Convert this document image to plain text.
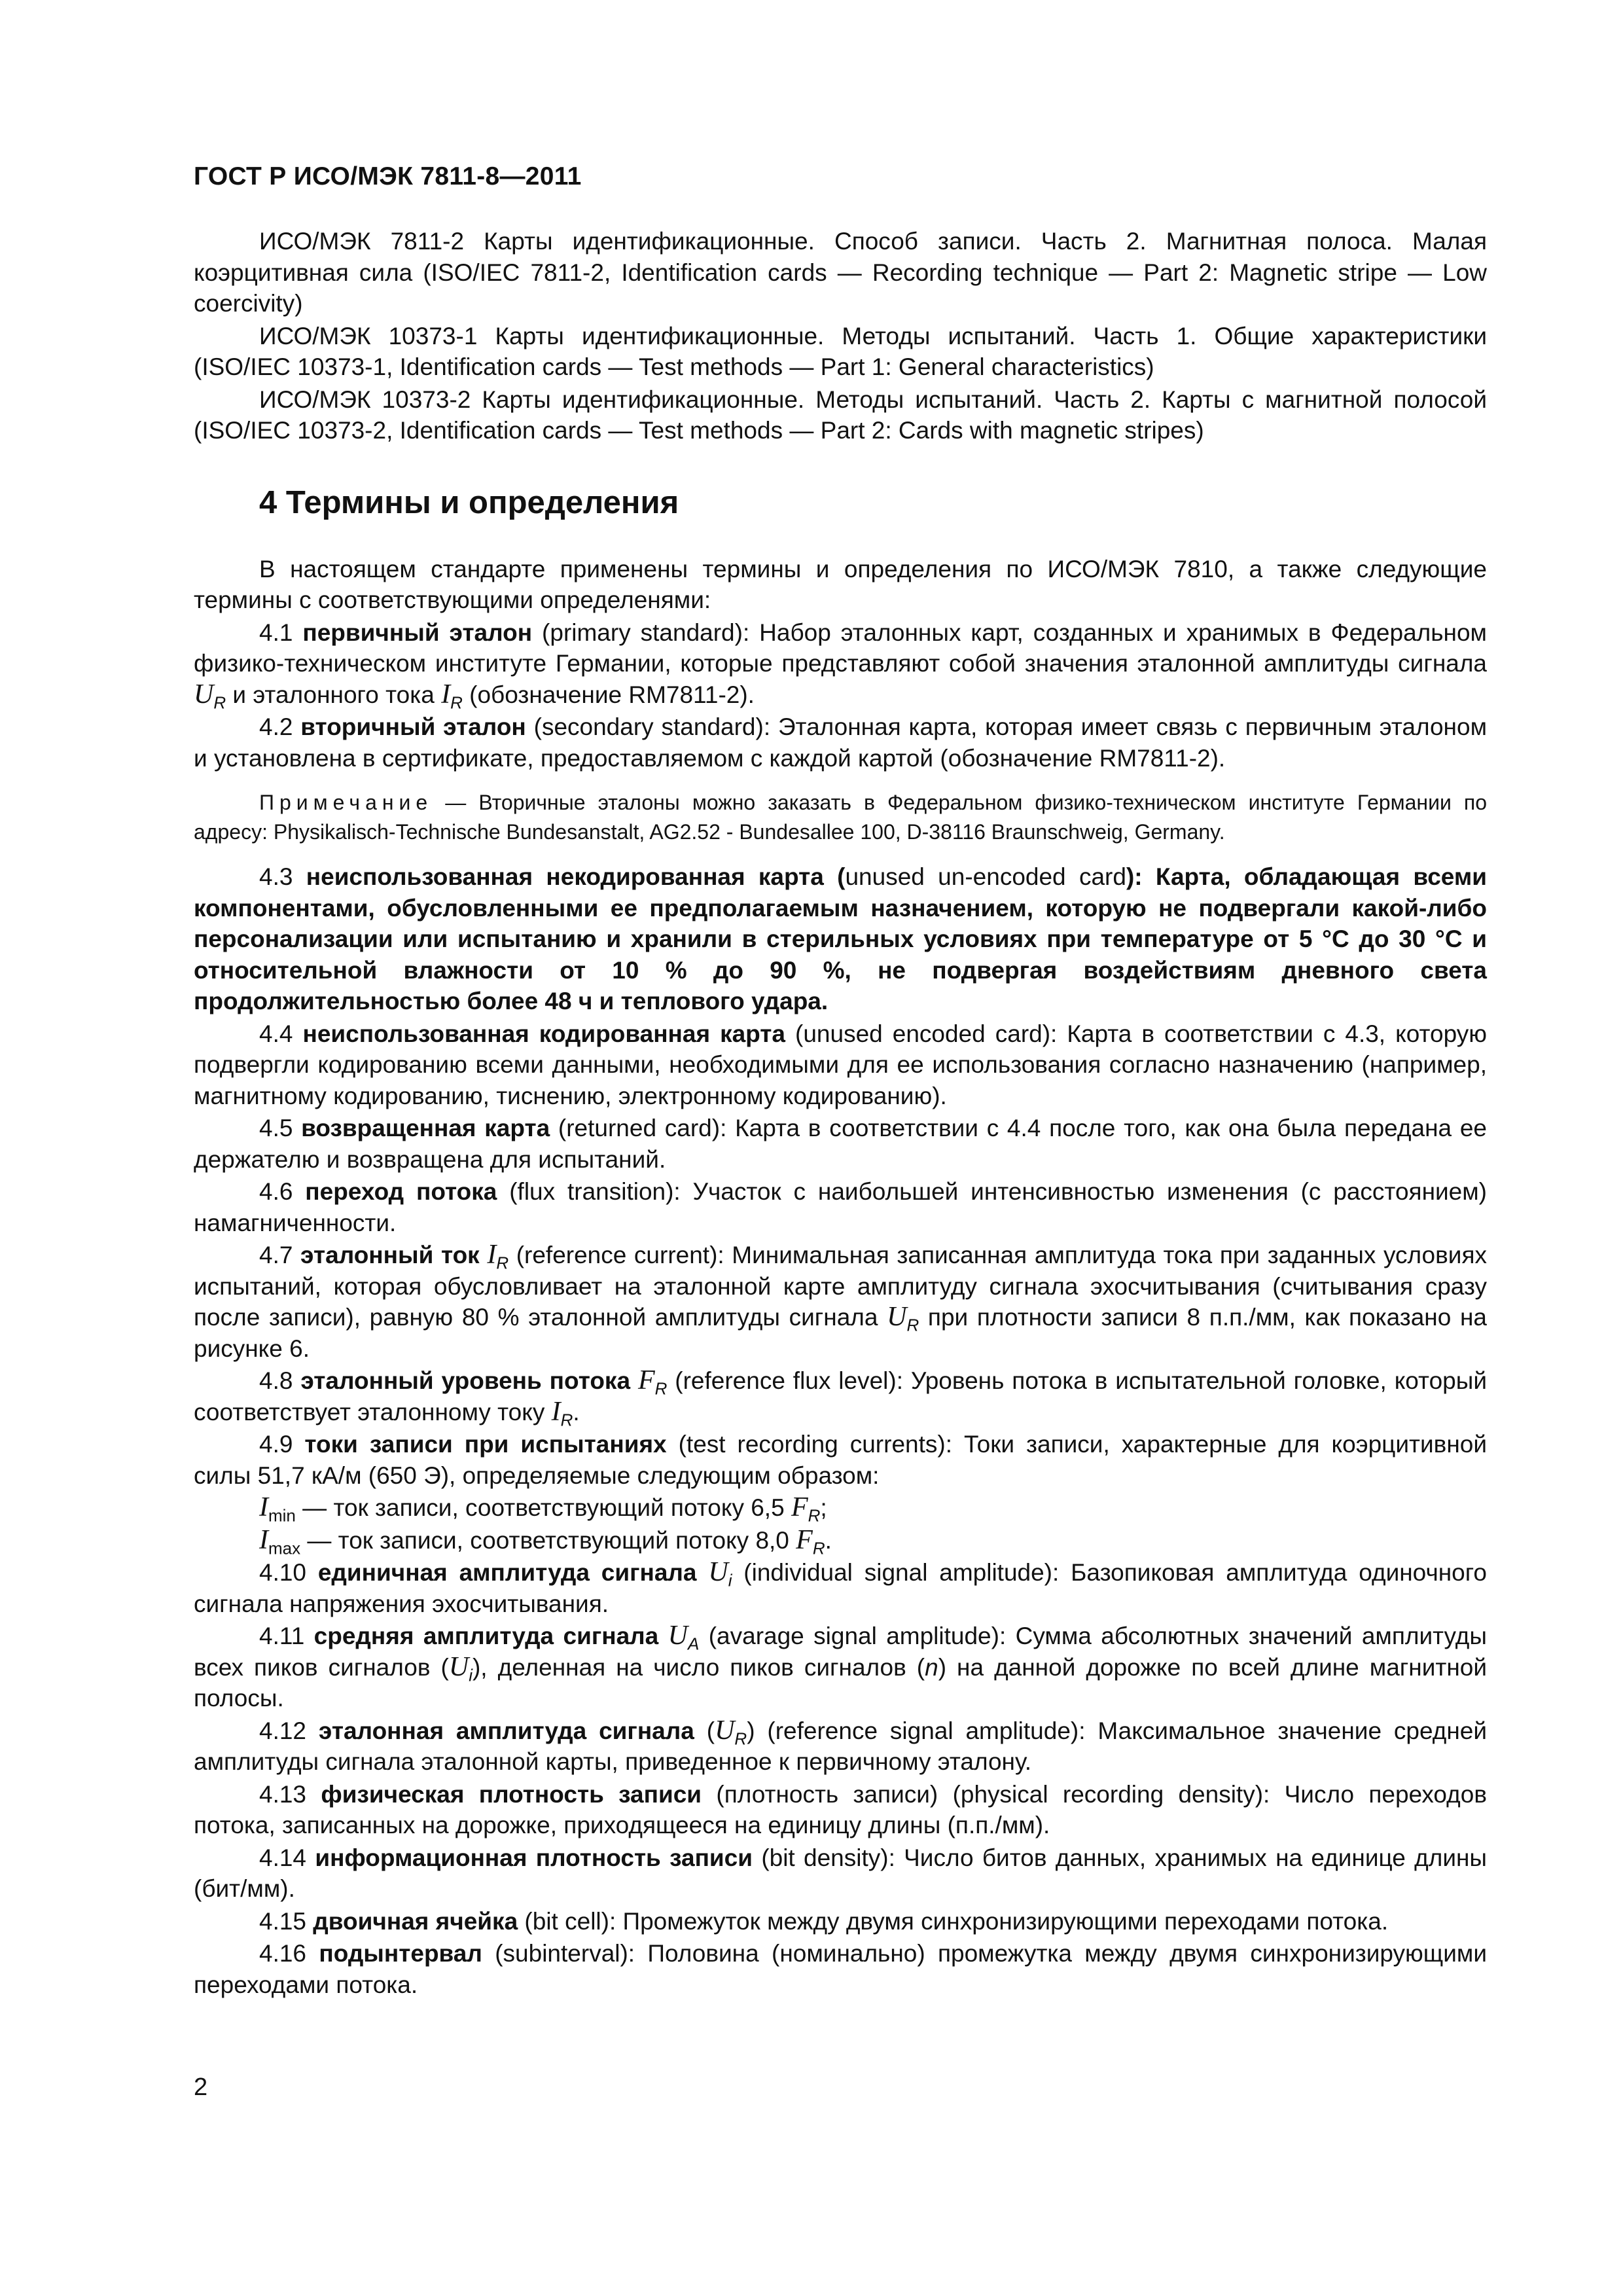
ГОСТ Р ИСО/МЭК 7811-8—2011

ИСО/МЭК 7811-2 Карты идентификационные. Способ записи. Часть 2. Магнитная полоса. Малая коэрцитивная сила (ISO/IEC 7811-2, Identification cards — Recording technique — Part 2: Magnetic stripe — Low coercivity)

ИСО/МЭК 10373-1 Карты идентификационные. Методы испытаний. Часть 1. Общие характеристики (ISO/IEC 10373-1, Identification cards — Test methods — Part 1: General characteristics)

ИСО/МЭК 10373-2 Карты идентификационные. Методы испытаний. Часть 2. Карты с магнитной полосой (ISO/IEC 10373-2, Identification cards — Test methods — Part 2: Cards with magnetic stripes)

4 Термины и определения

В настоящем стандарте применены термины и определения по ИСО/МЭК 7810, а также следующие термины с соответствующими определенями:

4.1 первичный эталон (primary standard): Набор эталонных карт, созданных и хранимых в Федеральном физико-техническом институте Германии, которые представляют собой значения эталонной амплитуды сигнала $U_R$ и эталонного тока $I_R$ (обозначение RM7811-2).

4.2 вторичный эталон (secondary standard): Эталонная карта, которая имеет связь с первичным эталоном и установлена в сертификате, предоставляемом с каждой картой (обозначение RM7811-2).

Примечание — Вторичные эталоны можно заказать в Федеральном физико-техническом институте Германии по адресу: Physikalisch-Technische Bundesanstalt, AG2.52 - Bundesallee 100, D-38116 Braunschweig, Germany.

4.3 неиспользованная некодированная карта (unused un-encoded card): Карта, обладающая всеми компонентами, обусловленными ее предполагаемым назначением, которую не подвергали какой-либо персонализации или испытанию и хранили в стерильных условиях при температуре от 5 °С до 30 °С и относительной влажности от 10 % до 90 %, не подвергая воздействиям дневного света продолжительностью более 48 ч и теплового удара.

4.4 неиспользованная кодированная карта (unused encoded card): Карта в соответствии с 4.3, которую подвергли кодированию всеми данными, необходимыми для ее использования согласно назначению (например, магнитному кодированию, тиснению, электронному кодированию).

4.5 возвращенная карта (returned card): Карта в соответствии с 4.4 после того, как она была передана ее держателю и возвращена для испытаний.

4.6 переход потока (flux transition): Участок с наибольшей интенсивностью изменения (с расстоянием) намагниченности.

4.7 эталонный ток $I_R$ (reference current): Минимальная записанная амплитуда тока при заданных условиях испытаний, которая обусловливает на эталонной карте амплитуду сигнала эхосчитывания (считывания сразу после записи), равную 80 % эталонной амплитуды сигнала $U_R$ при плотности записи 8 п.п./мм, как показано на рисунке 6.

4.8 эталонный уровень потока $F_R$ (reference flux level): Уровень потока в испытательной головке, который соответствует эталонному току $I_R$.

4.9 токи записи при испытаниях (test recording currents): Токи записи, характерные для коэрцитивной силы 51,7 кА/м (650 Э), определяемые следующим образом:

$I_{min}$ — ток записи, соответствующий потоку 6,5 $F_R$;

$I_{max}$ — ток записи, соответствующий потоку 8,0 $F_R$.

4.10 единичная амплитуда сигнала $U_i$ (individual signal amplitude): Базопиковая амплитуда одиночного сигнала напряжения эхосчитывания.

4.11 средняя амплитуда сигнала $U_A$ (avarage signal amplitude): Сумма абсолютных значений амплитуды всех пиков сигналов $(U_i)$, деленная на число пиков сигналов (n) на данной дорожке по всей длине магнитной полосы.

4.12 эталонная амплитуда сигнала $(U_R)$ (reference signal amplitude): Максимальное значение средней амплитуды сигнала эталонной карты, приведенное к первичному эталону.

4.13 физическая плотность записи (плотность записи) (physical recording density): Число переходов потока, записанных на дорожке, приходящееся на единицу длины (п.п./мм).

4.14 информационная плотность записи (bit density): Число битов данных, хранимых на единице длины (бит/мм).

4.15 двоичная ячейка (bit cell): Промежуток между двумя синхронизирующими переходами потока.

4.16 подынтервал (subinterval): Половина (номинально) промежутка между двумя синхронизирующими переходами потока.

2
